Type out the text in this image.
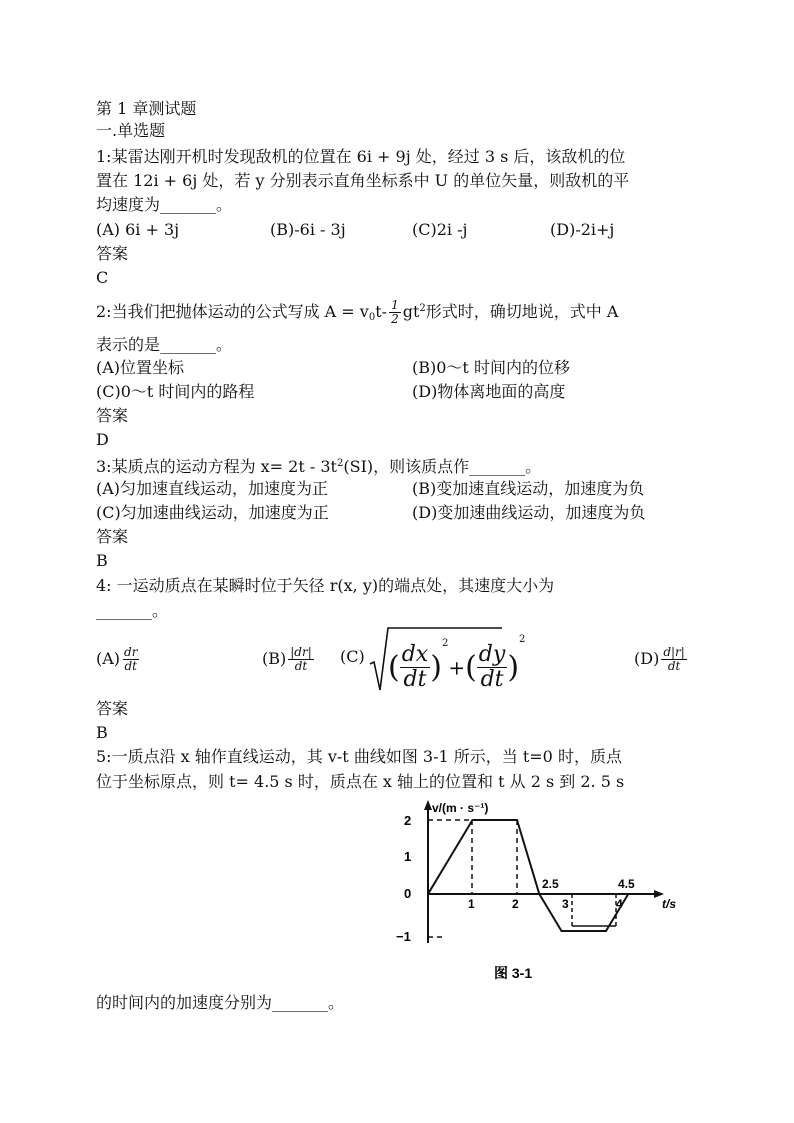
第 1 章测试题
一.单选题
1:某雷达刚开机时发现敌机的位置在 6i + 9j 处，经过 3 s 后，该敌机的位
置在 12i + 6j 处，若 y 分别表示直角坐标系中 U 的单位矢量，则敌机的平
均速度为_______。
(A) 6i + 3j	(B)-6i - 3j	(C)2i -j	(D)-2i+j
答案
C
2:当我们把抛体运动的公式写成 $A = v_0t- \frac{1}{2} gt^2$形式时，确切地说，式中 A
表示的是_______。
(A)位置坐标	(B)0～t 时间内的位移
(C)0～t 时间内的路程	(D)物体离地面的高度
答案
D
3:某质点的运动方程为 $x= 2t - 3t^2(SI)$，则该质点作_______。
(A)匀加速直线运动，加速度为正	(B)变加速直线运动，加速度为负
(C)匀加速曲线运动，加速度为正	(D)变加速曲线运动，加速度为负
答案
B
4: 一运动质点在某瞬时位于矢径 r(x, y)的端点处，其速度大小为
_______。
$(A) \frac{dr}{dt}$	$(B) \frac{|dr|}{dt} (C)$ ( $\frac{dx}{dt} )^2+( \frac{dy}{dt} )^2$
$(D) \frac{d|r|}{dt}$
答案
B
5:一质点沿 x 轴作直线运动，其 v-t 曲线如图 3-1 所示，当 t=0 时，质点
位于坐标原点，则 t= 4.5 s 时，质点在 x 轴上的位置和 t 从 2 s 到 2. 5 s
v/(m · s⁻¹)
t/s
2
1
0
−1
1	2	3	4
2.5	4.5
图 3-1
的时间内的加速度分别为_______。
